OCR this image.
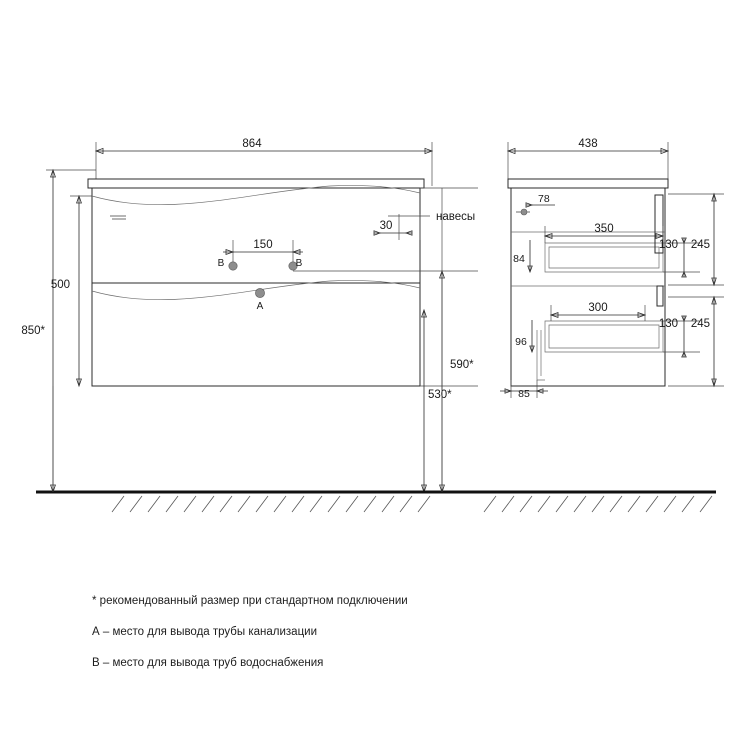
864
навесы
30
150
B	B
A
500
850*
590*
530*
438
78
350
84
130 245
300
96
130 245
85
* рекомендованный размер при стандартном подключении
А – место для вывода трубы канализации
В – место для вывода труб водоснабжения
